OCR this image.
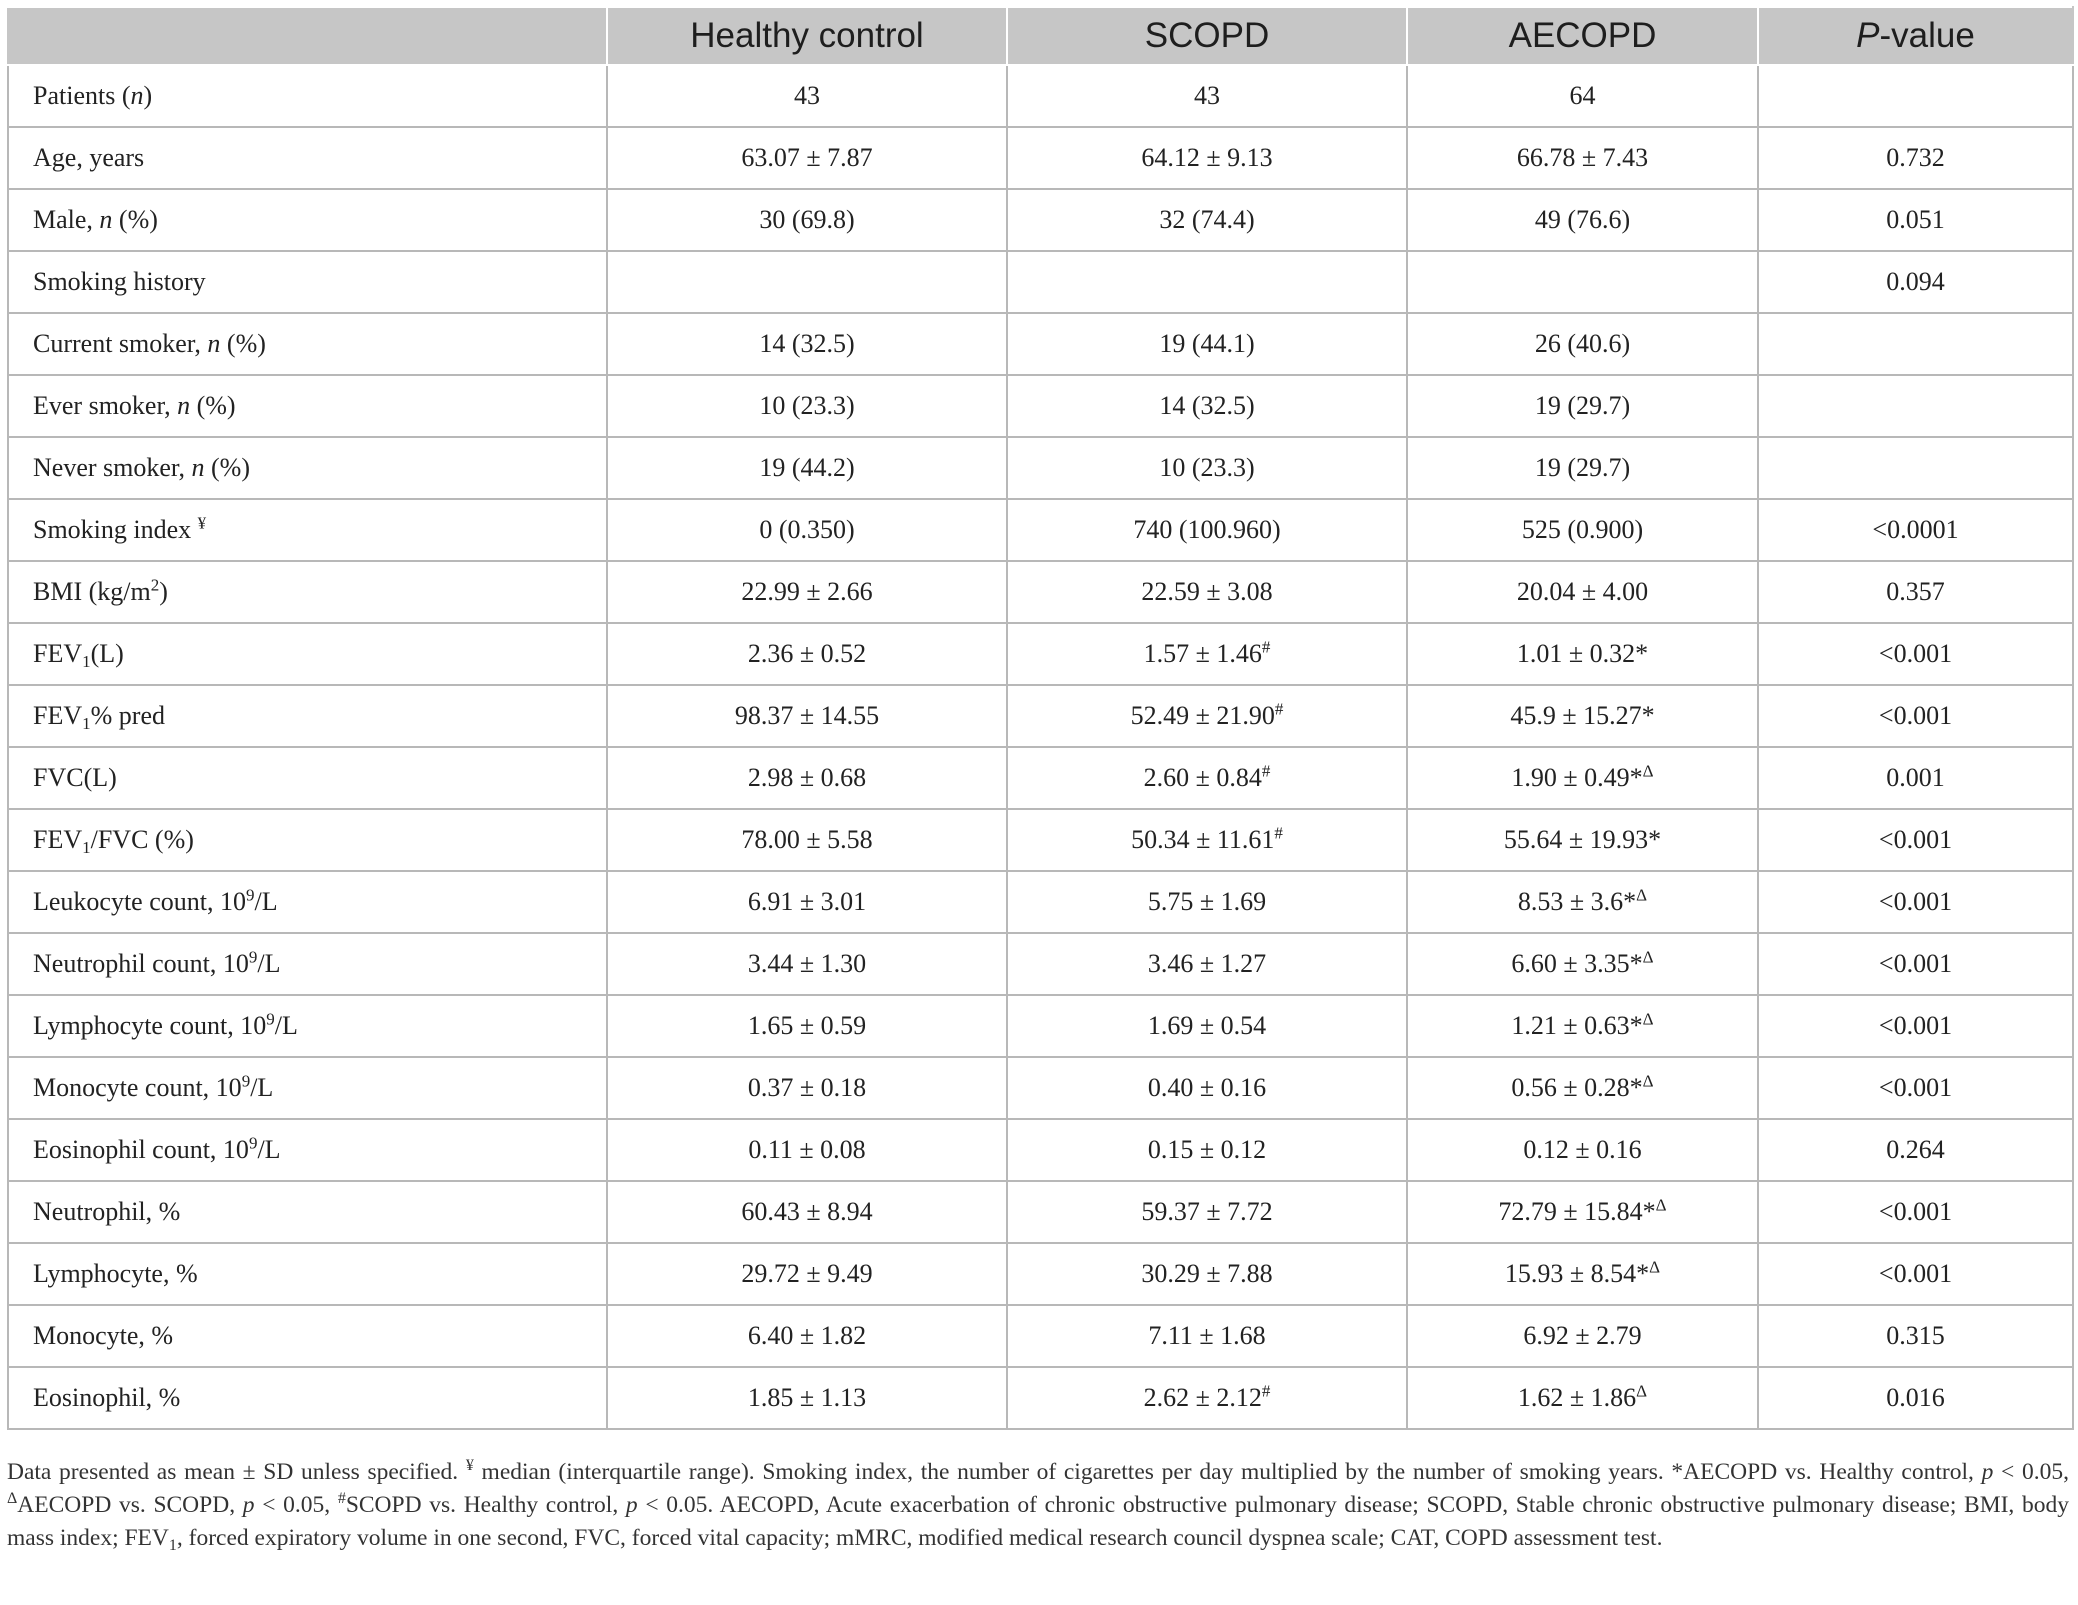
	Healthy control	SCOPD	AECOPD	P-value
Patients (n)	43	43	64	
Age, years	63.07 ± 7.87	64.12 ± 9.13	66.78 ± 7.43	0.732
Male, n (%)	30 (69.8)	32 (74.4)	49 (76.6)	0.051
Smoking history				0.094
Current smoker, n (%)	14 (32.5)	19 (44.1)	26 (40.6)	
Ever smoker, n (%)	10 (23.3)	14 (32.5)	19 (29.7)	
Never smoker, n (%)	19 (44.2)	10 (23.3)	19 (29.7)	
Smoking index ¥	0 (0.350)	740 (100.960)	525 (0.900)	<0.0001
BMI $(kg/m^2)$	22.99 ± 2.66	22.59 ± 3.08	20.04 ± 4.00	0.357
$FEV_1(L)$	2.36 ± 0.52	1.57 ± 1.46#	1.01 ± 0.32*	<0.001
$FEV_1\%$ pred	98.37 ± 14.55	52.49 ± 21.90#	45.9 ± 15.27*	<0.001
FVC(L)	2.98 ± 0.68	2.60 ± 0.84#	1.90 ± 0.49*$^\Delta$	0.001
$FEV_1$/FVC (%)	78.00 ± 5.58	50.34 ± 11.61#	55.64 ± 19.93*	<0.001
Leukocyte count, $10^9/L$	6.91 ± 3.01	5.75 ± 1.69	8.53 ± 3.6*$^\Delta$	<0.001
Neutrophil count, $10^9/L$	3.44 ± 1.30	3.46 ± 1.27	6.60 ± 3.35*$^\Delta$	<0.001
Lymphocyte count, $10^9/L$	1.65 ± 0.59	1.69 ± 0.54	1.21 ± 0.63*$^\Delta$	<0.001
Monocyte count, $10^9/L$	0.37 ± 0.18	0.40 ± 0.16	0.56 ± 0.28*$^\Delta$	<0.001
Eosinophil count, $10^9/L$	0.11 ± 0.08	0.15 ± 0.12	0.12 ± 0.16	0.264
Neutrophil, %	60.43 ± 8.94	59.37 ± 7.72	72.79 ± 15.84*$^\Delta$	<0.001
Lymphocyte, %	29.72 ± 9.49	30.29 ± 7.88	15.93 ± 8.54*$^\Delta$	<0.001
Monocyte, %	6.40 ± 1.82	7.11 ± 1.68	6.92 ± 2.79	0.315
Eosinophil, %	1.85 ± 1.13	2.62 ± 2.12#	$1.62 \pm 1.86^\Delta$	0.016
Data presented as mean ± SD unless specified. ¥ median (interquartile range). Smoking index, the number of cigarettes per day multiplied by the number of smoking years. *AECOPD vs. Healthy control, p < 0.05, $^\Delta$AECOPD vs. SCOPD, p < 0.05, #SCOPD vs. Healthy control, p < 0.05. AECOPD, Acute exacerbation of chronic obstructive pulmonary disease; SCOPD, Stable chronic obstructive pulmonary disease; BMI, body mass index; $FEV_1$, forced expiratory volume in one second, FVC, forced vital capacity; mMRC, modified medical research council dyspnea scale; CAT, COPD assessment test.
